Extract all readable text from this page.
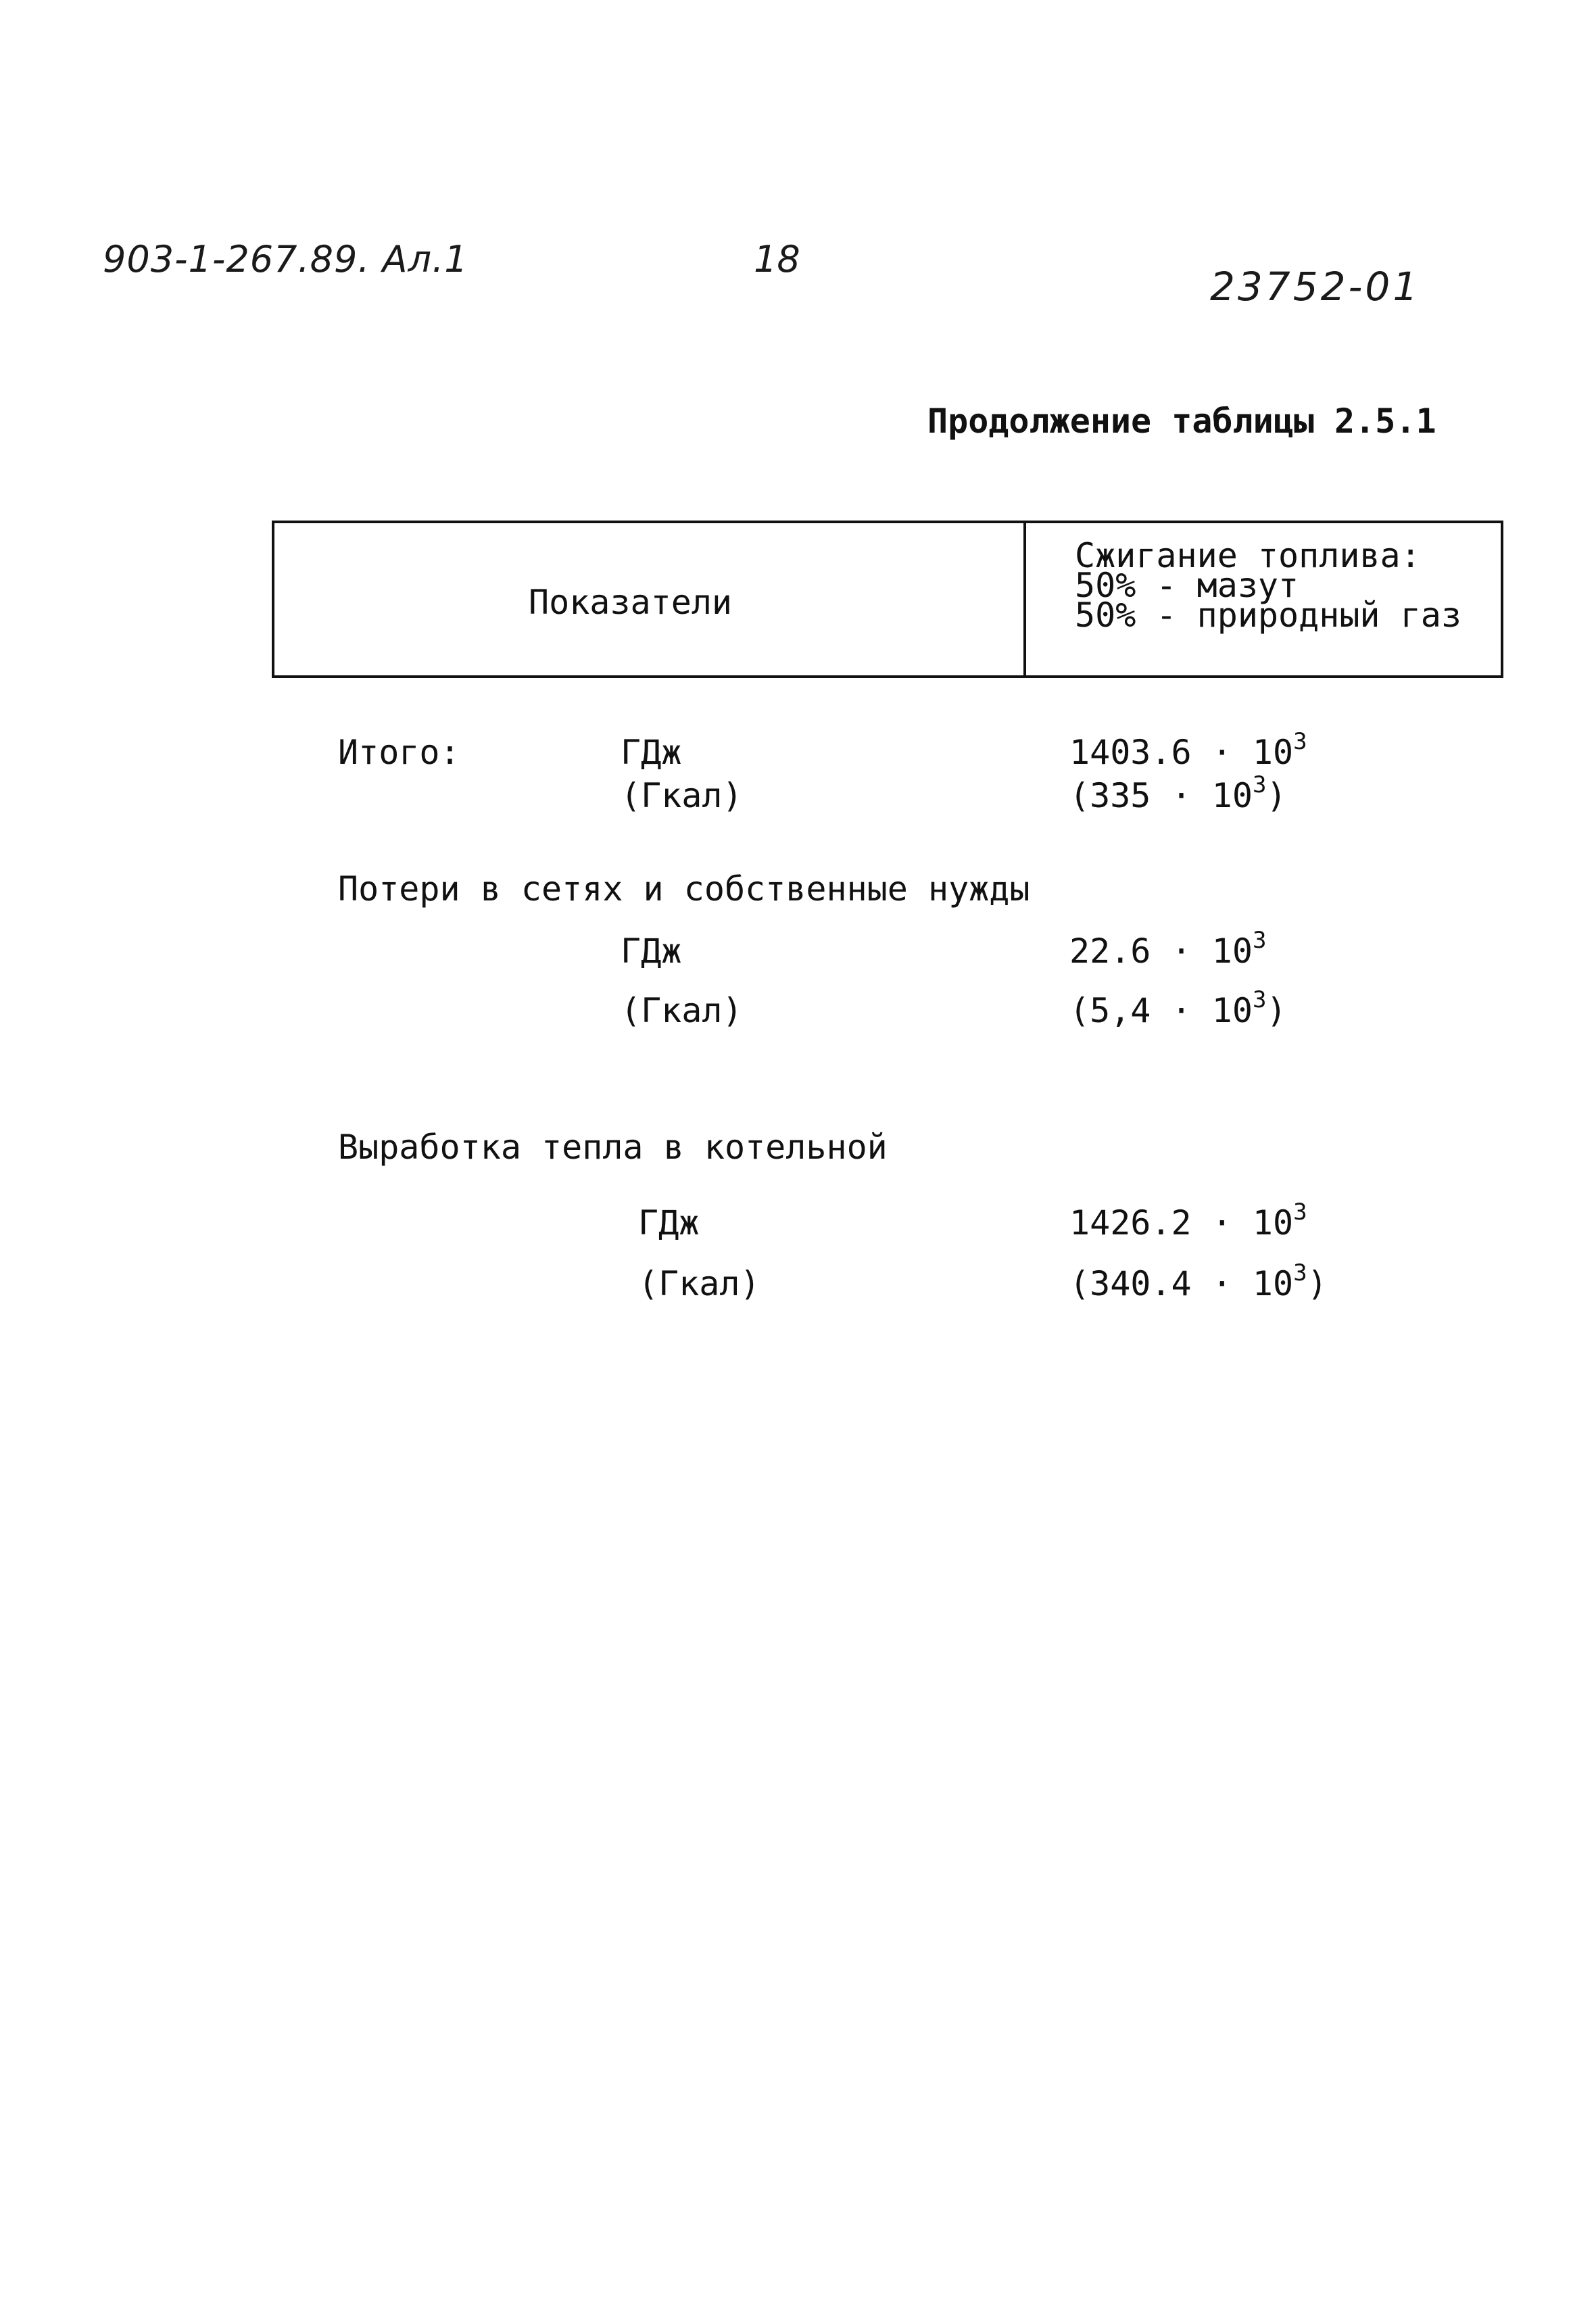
903-1-267.89. Ал.1	18
23752-01
Продолжение таблицы 2.5.1
Показатели
Сжигание топлива:
50% - мазут
50% - природный газ
Итого:	ГДж	$1403.6 \cdot 10^3$
(Гкал)	$(335 \cdot 10^3)$
Потери в сетях и собственные нужды
ГДж	$22.6 \cdot 10^3$
(Гкал)	$(5,4 \cdot 10^3)$
Выработка тепла в котельной
ГДж	$1426.2 \cdot 10^3$
(Гкал)	$(340.4 \cdot 10^3)$
